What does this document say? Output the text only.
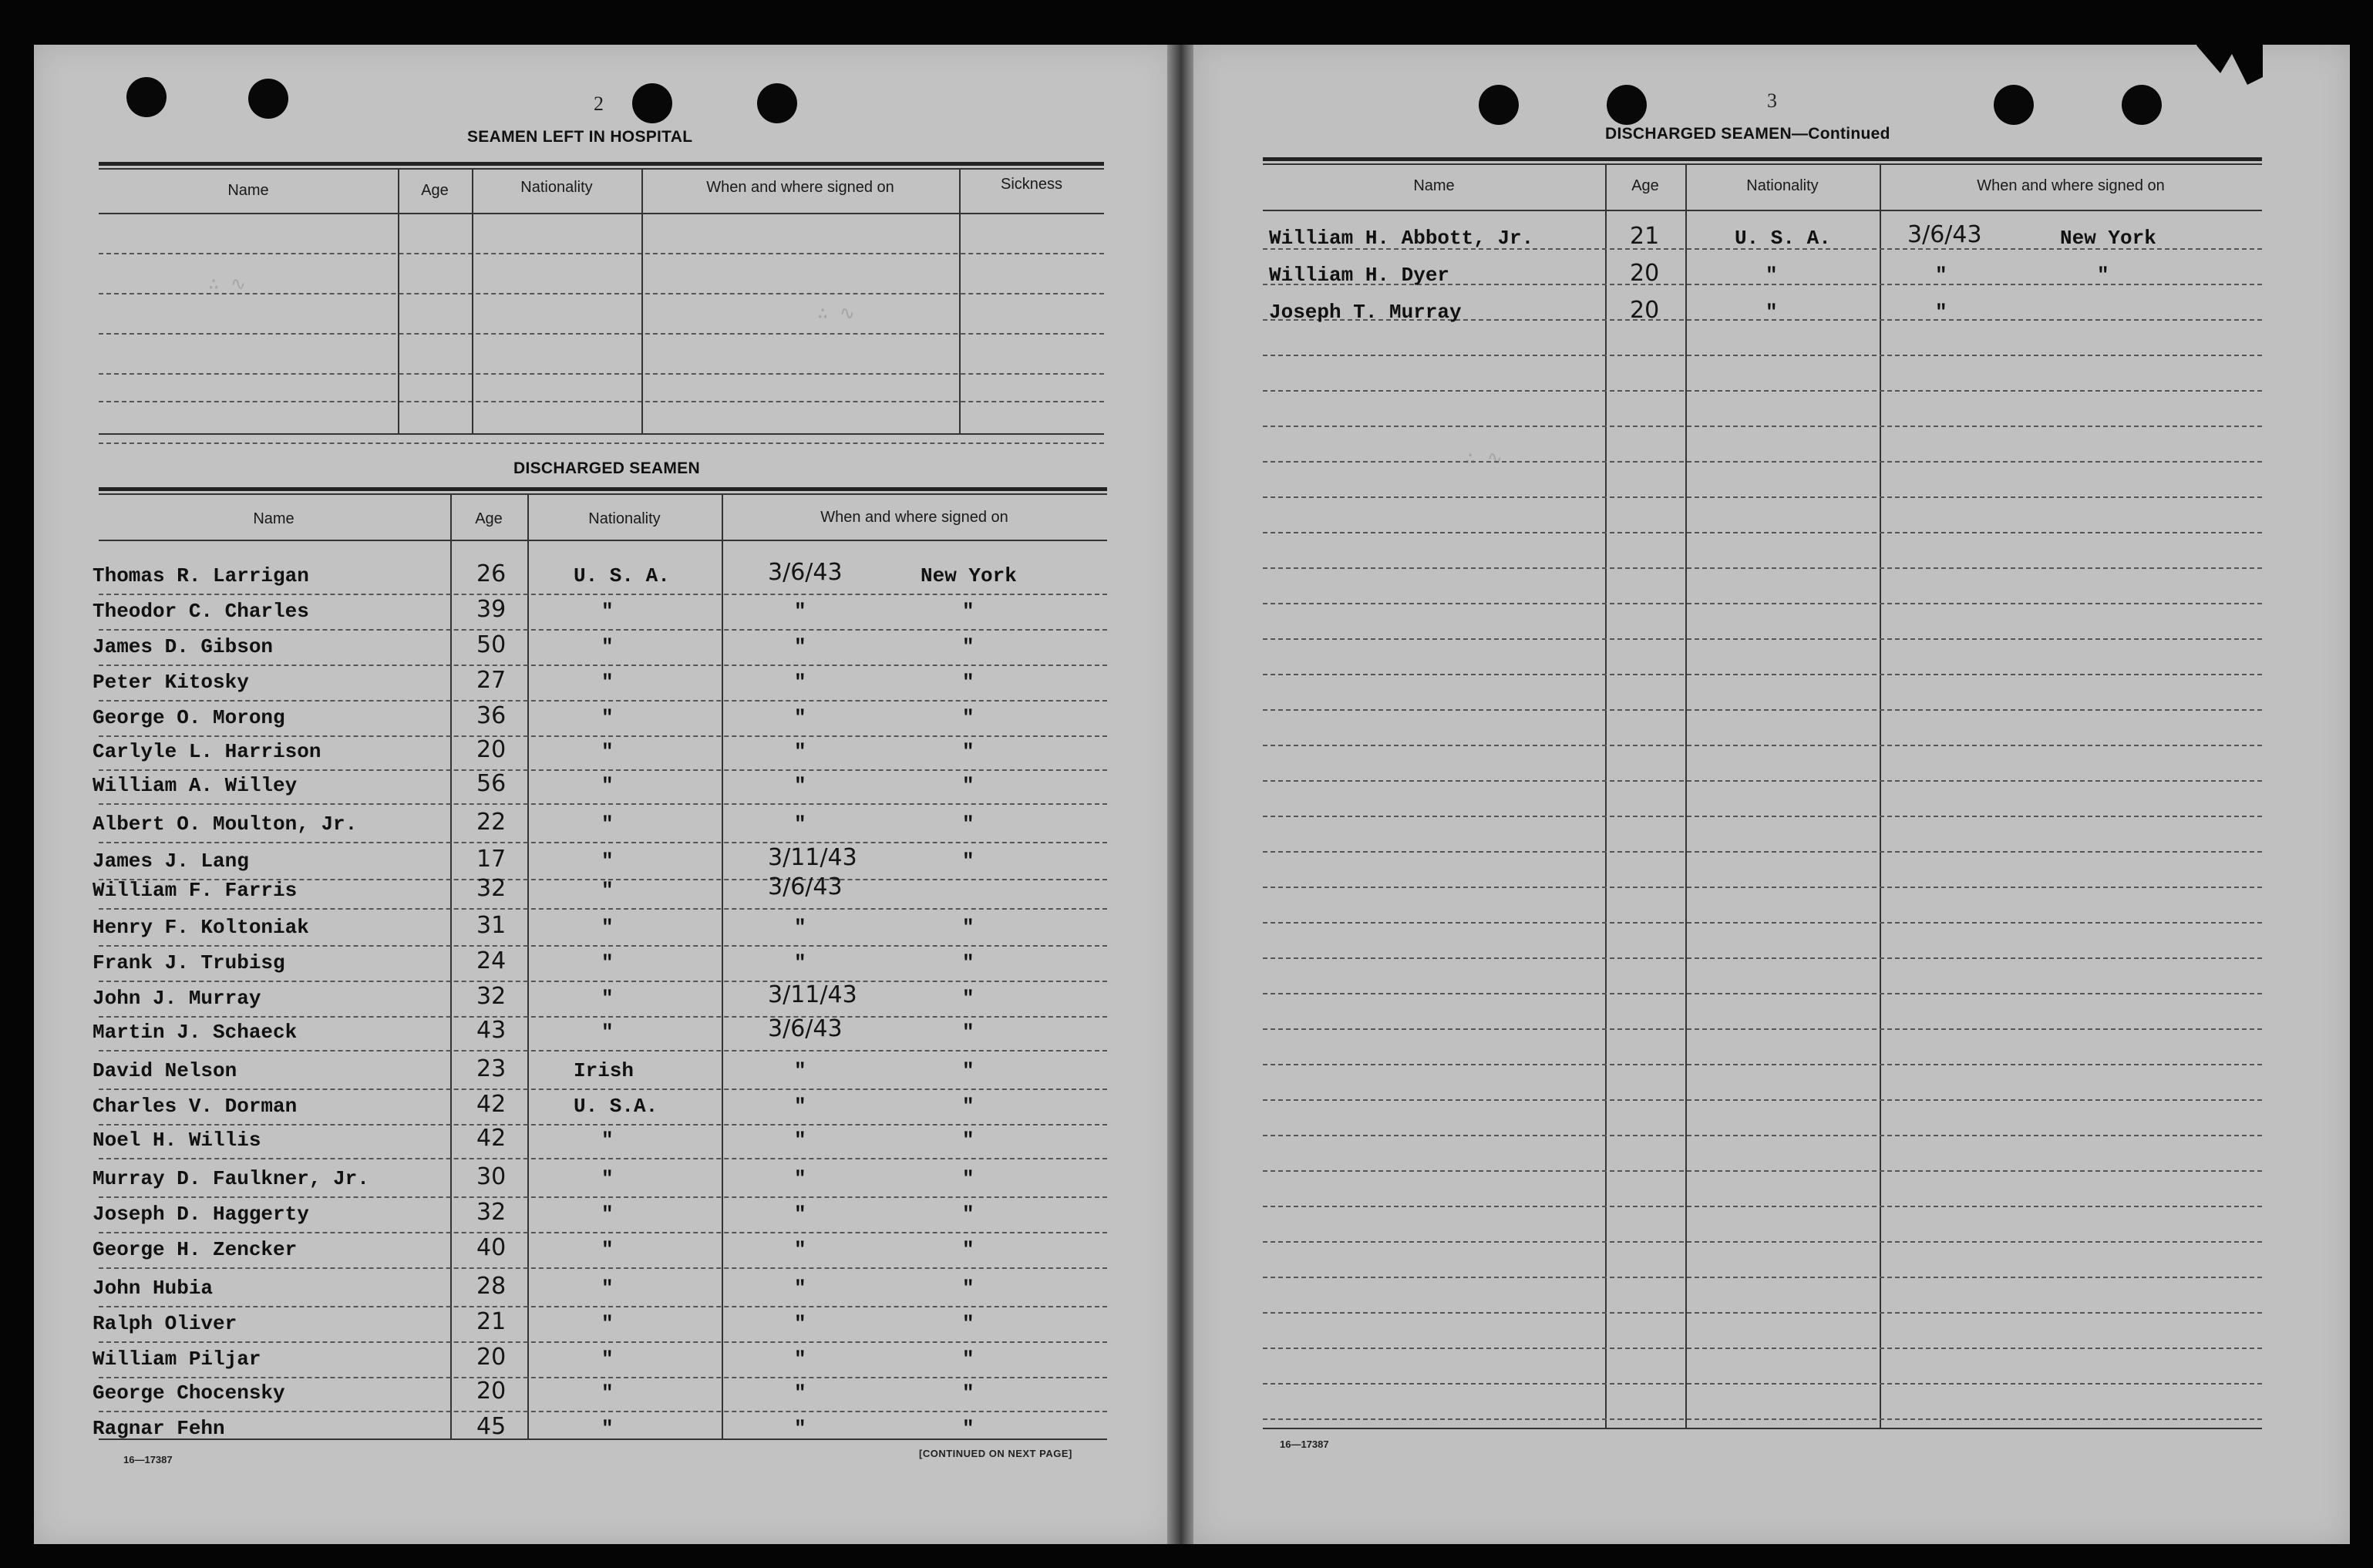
∴ ∿
∴ ∿
∴ ∿
2
SEAMEN LEFT IN HOSPITAL
Name	Age	Nationality	When and where signed on	Sickness
DISCHARGED SEAMEN
Name	Age	Nationality	When and where signed on
Thomas R. Larrigan	26	U. S. A.	3/6/43	New York
Theodor C. Charles	39	"	"	"
James D. Gibson	50	"	"	"
Peter Kitosky	27	"	"	"
George O. Morong	36	"	"	"
Carlyle L. Harrison	20	"	"	"
William A. Willey	56	"	"	"
Albert O. Moulton, Jr.	22	"	"	"
James J. Lang	17	"	3/11/43	"
William F. Farris	32	"	3/6/43
Henry F. Koltoniak	31	"	"	"
Frank J. Trubisg	24	"	"	"
John J. Murray	32	"	3/11/43	"
Martin J. Schaeck	43	"	3/6/43	"
David Nelson	23	Irish	"	"
Charles V. Dorman	42	U. S.A.	"	"
Noel H. Willis	42	"	"	"
Murray D. Faulkner, Jr.	30	"	"	"
Joseph D. Haggerty	32	"	"	"
George H. Zencker	40	"	"	"
John Hubia	28	"	"	"
Ralph Oliver	21	"	"	"
William Piljar	20	"	"	"
George Chocensky	20	"	"	"
Ragnar Fehn	45	"	"	"
16—17387
[CONTINUED ON NEXT PAGE]
3
DISCHARGED SEAMEN—Continued
Name	Age	Nationality	When and where signed on
William H. Abbott, Jr.	21	U. S. A.	3/6/43	New York
William H. Dyer	20	"	"	"
Joseph T. Murray	20	"	"
16—17387
